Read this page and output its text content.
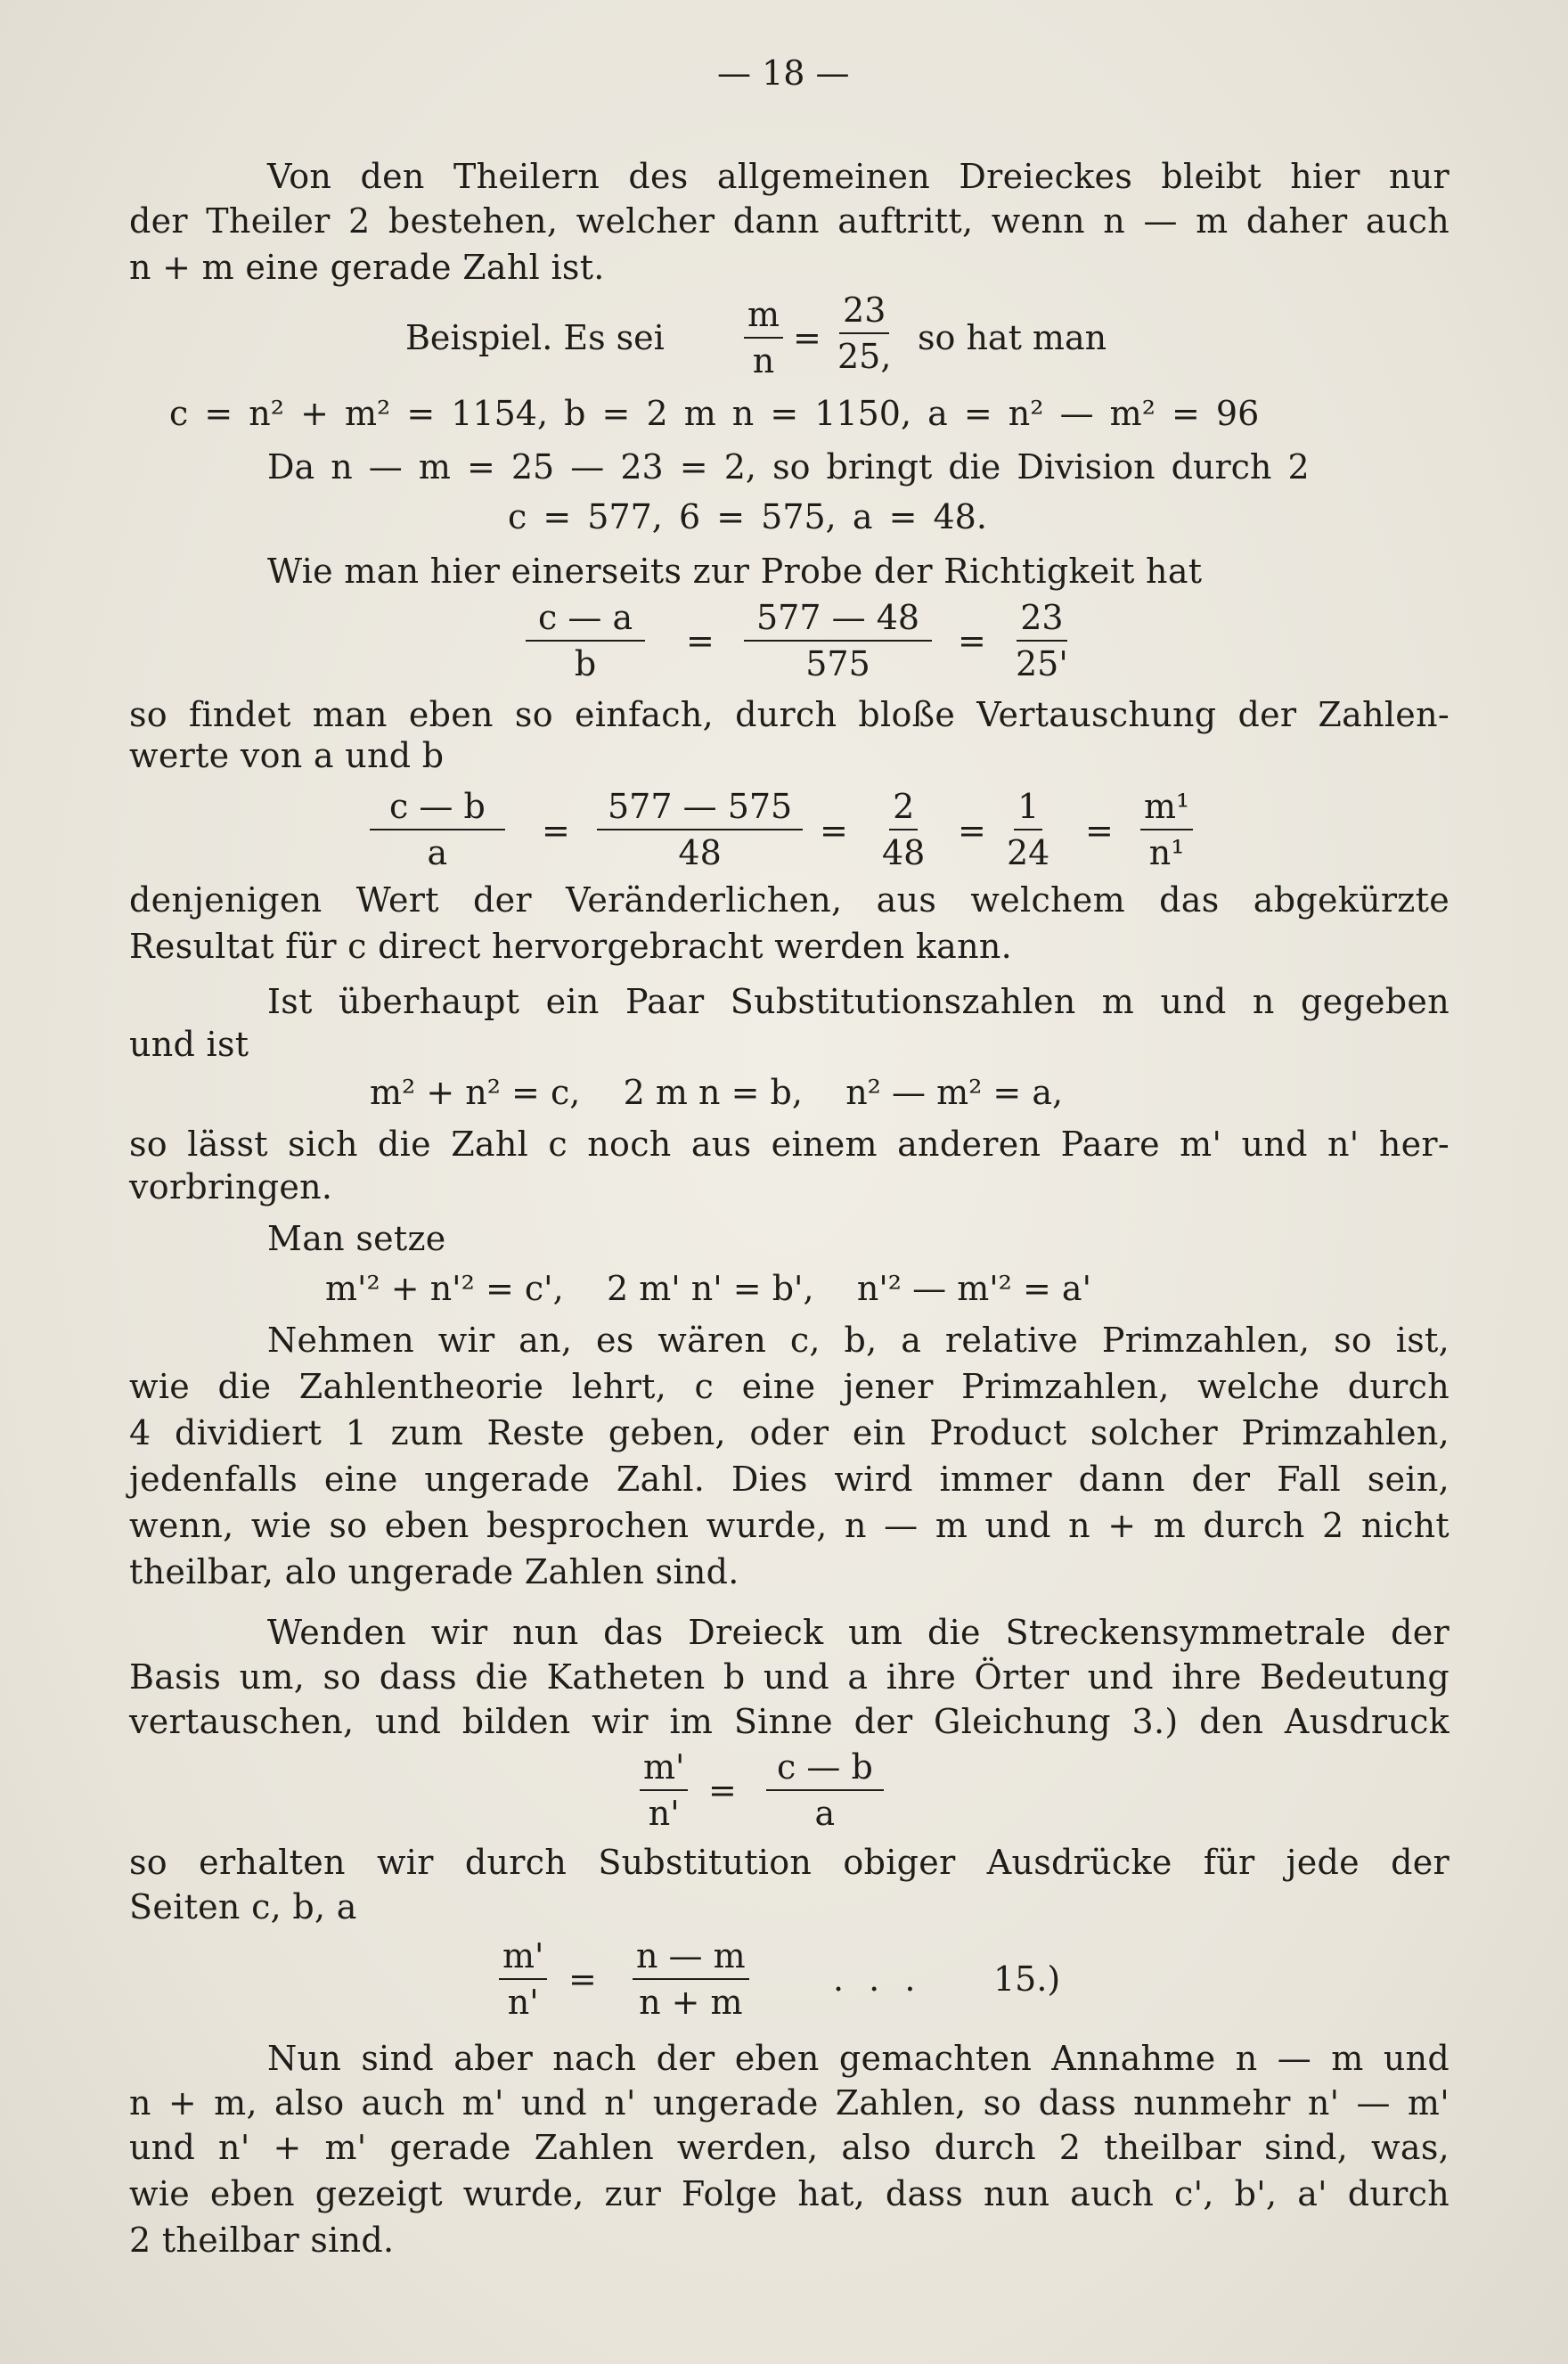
— 18 —
Von den Theilern des allgemeinen Dreieckes bleibt hier nur
der Theiler 2 bestehen, welcher dann auftritt, wenn n — m daher auch
n + m eine gerade Zahl ist.
Beispiel. Es sei $\frac{m}{n} = \frac{23}{25,}$ so hat man
c = n² + m² = 1154, b = 2 m n = 1150, a = n² — m² = 96
Da n — m = 25 — 23 = 2, so bringt die Division durch 2
c = 577, 6 = 575, a = 48.
Wie man hier einerseits zur Probe der Richtigkeit hat
$\frac{c — a}{b} = \frac{577 — 48}{575} = \frac{23}{25'}$
so findet man eben so einfach, durch bloße Vertauschung der Zahlen-
werte von a und b
$\frac{c — b}{a} = \frac{577 — 575}{48} = \frac{2}{48} = \frac{1}{24} = \frac{\text{m¹}}{\text{n¹}}$
denjenigen Wert der Veränderlichen, aus welchem das abgekürzte
Resultat für c direct hervorgebracht werden kann.
Ist überhaupt ein Paar Substitutionszahlen m und n gegeben
und ist
m² + n² = c,    2 m n = b,    n² — m² = a,
so lässt sich die Zahl c noch aus einem anderen Paare m' und n' her-
vorbringen.
Man setze
m'² + n'² = c',    2 m' n' = b',    n'² — m'² = a'
Nehmen wir an, es wären c, b, a relative Primzahlen, so ist,
wie die Zahlentheorie lehrt, c eine jener Primzahlen, welche durch
4 dividiert 1 zum Reste geben, oder ein Product solcher Primzahlen,
jedenfalls eine ungerade Zahl. Dies wird immer dann der Fall sein,
wenn, wie so eben besprochen wurde, n — m und n + m durch 2 nicht
theilbar, alo ungerade Zahlen sind.
Wenden wir nun das Dreieck um die Streckensymmetrale der
Basis um, so dass die Katheten b und a ihre Örter und ihre Bedeutung
vertauschen, und bilden wir im Sinne der Gleichung 3.) den Ausdruck
$\frac{m'}{n'} = \frac{c — b}{a}$
so erhalten wir durch Substitution obiger Ausdrücke für jede der
Seiten c, b, a
$\frac{m'}{n'} = \frac{n — m}{n + m}$ . . . 15.)
Nun sind aber nach der eben gemachten Annahme n — m und
n + m, also auch m' und n' ungerade Zahlen, so dass nunmehr n' — m'
und n' + m' gerade Zahlen werden, also durch 2 theilbar sind, was,
wie eben gezeigt wurde, zur Folge hat, dass nun auch c', b', a' durch
2 theilbar sind.
